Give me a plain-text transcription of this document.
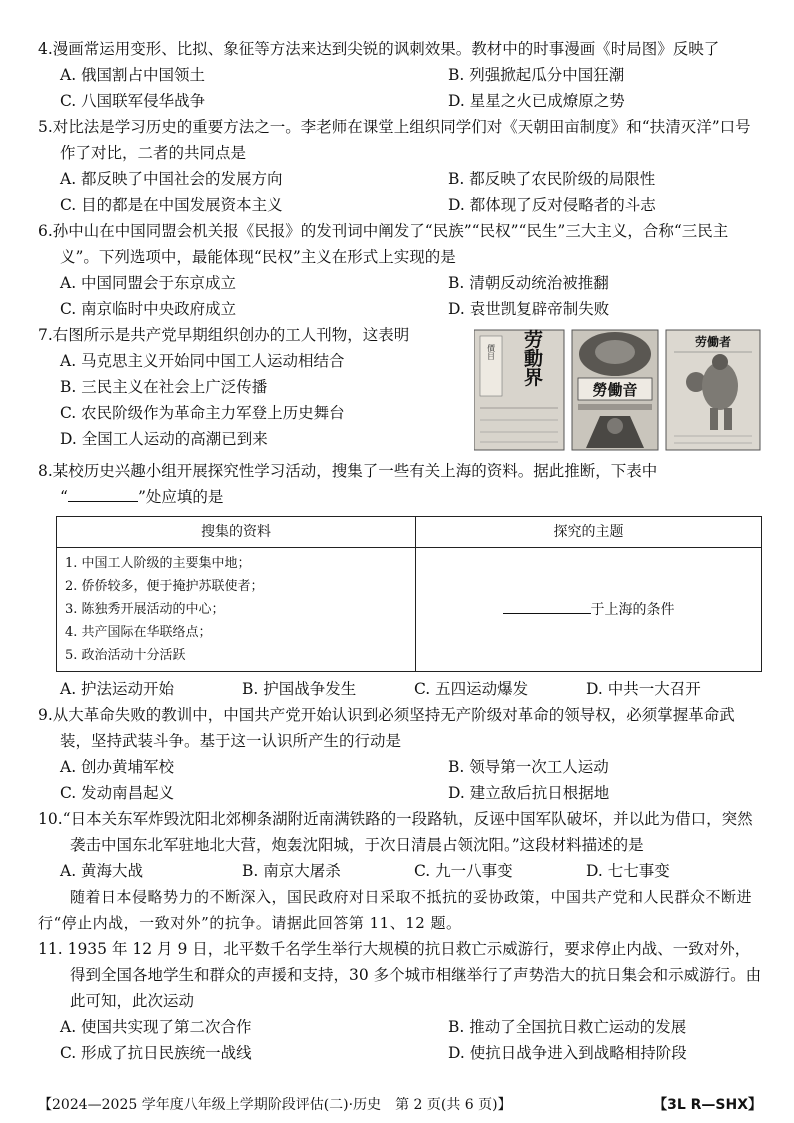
4.漫画常运用变形、比拟、象征等方法来达到尖锐的讽刺效果。教材中的时事漫画《时局图》反映了
A. 俄国割占中国领土	B. 列强掀起瓜分中国狂潮
C. 八国联军侵华战争	D. 星星之火已成燎原之势
5.对比法是学习历史的重要方法之一。李老师在课堂上组织同学们对《天朝田亩制度》和“扶清灭洋”口号作了对比，二者的共同点是
A. 都反映了中国社会的发展方向	B. 都反映了农民阶级的局限性
C. 目的都是在中国发展资本主义	D. 都体现了反对侵略者的斗志
6.孙中山在中国同盟会机关报《民报》的发刊词中阐发了“民族”“民权”“民生”三大主义，合称“三民主义”。下列选项中，最能体现“民权”主义在形式上实现的是
A. 中国同盟会于东京成立	B. 清朝反动统治被推翻
C. 南京临时中央政府成立	D. 袁世凯复辟帝制失败
7.右图所示是共产党早期组织创办的工人刊物，这表明
A. 马克思主义开始同中国工人运动相结合
B. 三民主义在社会上广泛传播
C. 农民阶级作为革命主力军登上历史舞台
D. 全国工人运动的高潮已到来
價目 劳動界
勞働音
劳働者
8.某校历史兴趣小组开展探究性学习活动，搜集了一些有关上海的资料。据此推断，下表中
“	”处应填的是
搜集的资料	探究的主题

1. 中国工人阶级的主要集中地；
2. 侨侨较多，便于掩护苏联使者；
3. 陈独秀开展活动的中心；
4. 共产国际在华联络点；
5. 政治活动十分活跃	于上海的条件
A. 护法运动开始	B. 护国战争发生	C. 五四运动爆发	D. 中共一大召开
9.从大革命失败的教训中，中国共产党开始认识到必须坚持无产阶级对革命的领导权，必须掌握革命武装，坚持武装斗争。基于这一认识所产生的行动是
A. 创办黄埔军校	B. 领导第一次工人运动
C. 发动南昌起义	D. 建立敌后抗日根据地
10.“日本关东军炸毁沈阳北郊柳条湖附近南满铁路的一段路轨，反诬中国军队破坏，并以此为借口，突然袭击中国东北军驻地北大营，炮轰沈阳城，于次日清晨占领沈阳。”这段材料描述的是
A. 黄海大战	B. 南京大屠杀	C. 九一八事变	D. 七七事变
随着日本侵略势力的不断深入，国民政府对日采取不抵抗的妥协政策，中国共产党和人民群众不断进行“停止内战，一致对外”的抗争。请据此回答第 11、12 题。
11. 1935 年 12 月 9 日，北平数千名学生举行大规模的抗日救亡示威游行，要求停止内战、一致对外，得到全国各地学生和群众的声援和支持，30 多个城市相继举行了声势浩大的抗日集会和示威游行。由此可知，此次运动
A. 使国共实现了第二次合作	B. 推动了全国抗日救亡运动的发展
C. 形成了抗日民族统一战线	D. 使抗日战争进入到战略相持阶段
【2024—2025 学年度八年级上学期阶段评估(二)·历史　第 2 页(共 6 页)】	【3L R—SHX】
